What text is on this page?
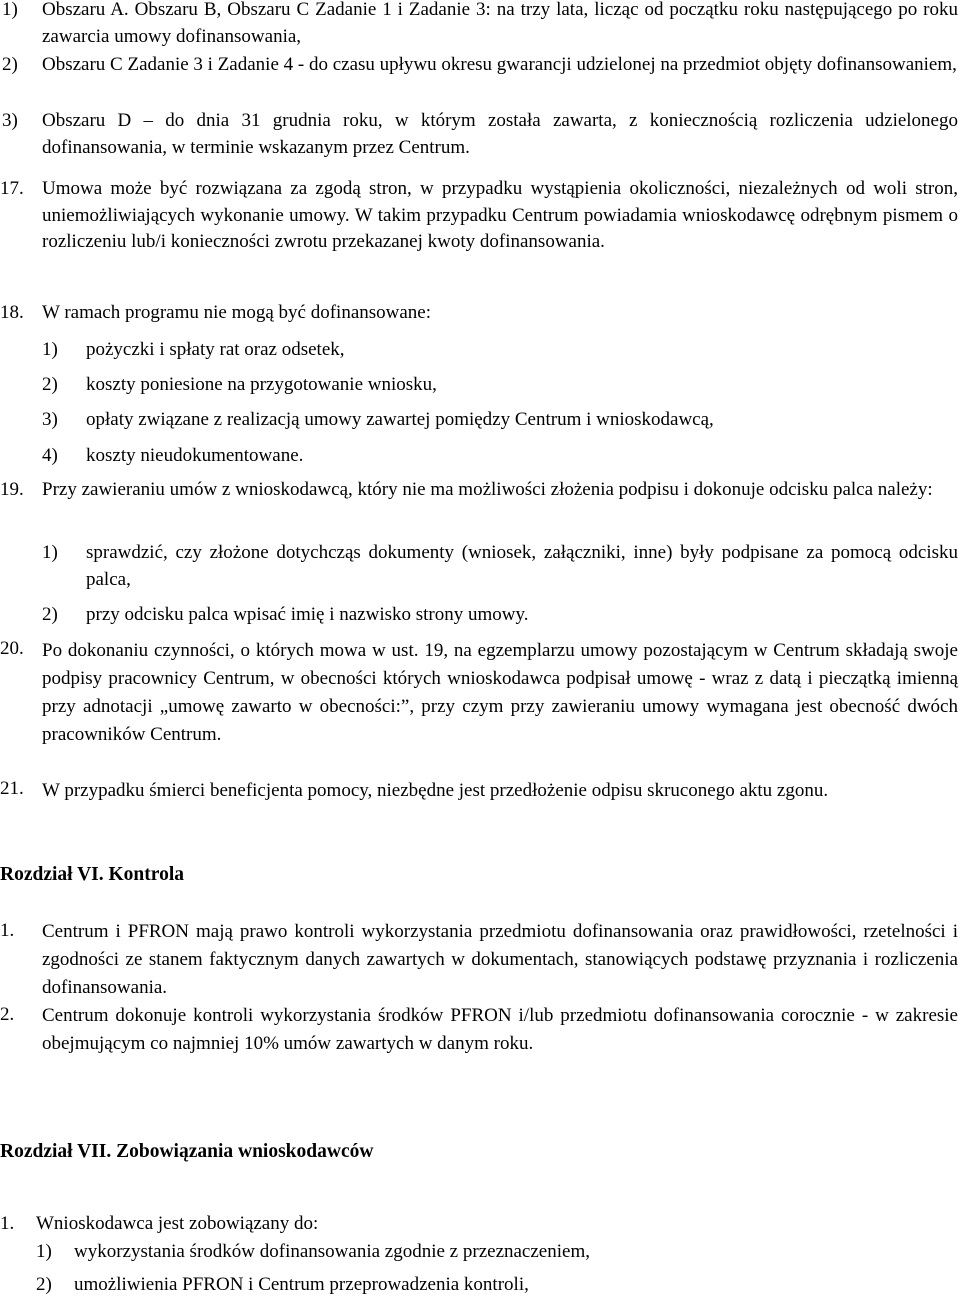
1)	Obszaru A. Obszaru B, Obszaru C Zadanie 1 i Zadanie 3: na trzy lata, licząc od początku roku następującego po roku zawarcia umowy dofinansowania,
2)	Obszaru C Zadanie 3 i Zadanie 4 - do czasu upływu okresu gwarancji udzielonej na przedmiot objęty dofinansowaniem,
3)	Obszaru D – do dnia 31 grudnia roku, w którym została zawarta, z koniecznością rozliczenia udzielonego dofinansowania, w terminie wskazanym przez Centrum.
17. Umowa może być rozwiązana za zgodą stron, w przypadku wystąpienia okoliczności, niezależnych od woli stron, uniemożliwiających wykonanie umowy. W takim przypadku Centrum powiadamia wnioskodawcę odrębnym pismem o rozliczeniu lub/i konieczności zwrotu przekazanej kwoty dofinansowania.
18. W ramach programu nie mogą być dofinansowane:
1)	pożyczki i spłaty rat oraz odsetek,
2)	koszty poniesione na przygotowanie wniosku,
3)	opłaty związane z realizacją umowy zawartej pomiędzy Centrum i wnioskodawcą,
4)	koszty nieudokumentowane.
19. Przy zawieraniu umów z wnioskodawcą, który nie ma możliwości złożenia podpisu i dokonuje odcisku palca należy:
1)	sprawdzić, czy złożone dotychcząs dokumenty (wniosek, załączniki, inne) były podpisane za pomocą odcisku palca,
2)	przy odcisku palca wpisać imię i nazwisko strony umowy.
20. Po dokonaniu czynności, o których mowa w ust. 19, na egzemplarzu umowy pozostającym w Centrum składają swoje podpisy pracownicy Centrum, w obecności których wnioskodawca podpisał umowę - wraz z datą i pieczątką imienną przy adnotacji „umowę zawarto w obecności:”, przy czym przy zawieraniu umowy wymagana jest obecność dwóch pracowników Centrum.
21. W przypadku śmierci beneficjenta pomocy, niezbędne jest przedłożenie odpisu skruconego aktu zgonu.
Rozdział VI. Kontrola
1.	Centrum i PFRON mają prawo kontroli wykorzystania przedmiotu dofinansowania oraz prawidłowości, rzetelności i zgodności ze stanem faktycznym danych zawartych w dokumentach, stanowiących podstawę przyznania i rozliczenia dofinansowania.
2.	Centrum dokonuje kontroli wykorzystania środków PFRON i/lub przedmiotu dofinansowania corocznie - w zakresie obejmującym co najmniej 10% umów zawartych w danym roku.
Rozdział VII. Zobowiązania wnioskodawców
1.	Wnioskodawca jest zobowiązany do:
1)	wykorzystania środków dofinansowania zgodnie z przeznaczeniem,
2)	umożliwienia PFRON i Centrum przeprowadzenia kontroli,
